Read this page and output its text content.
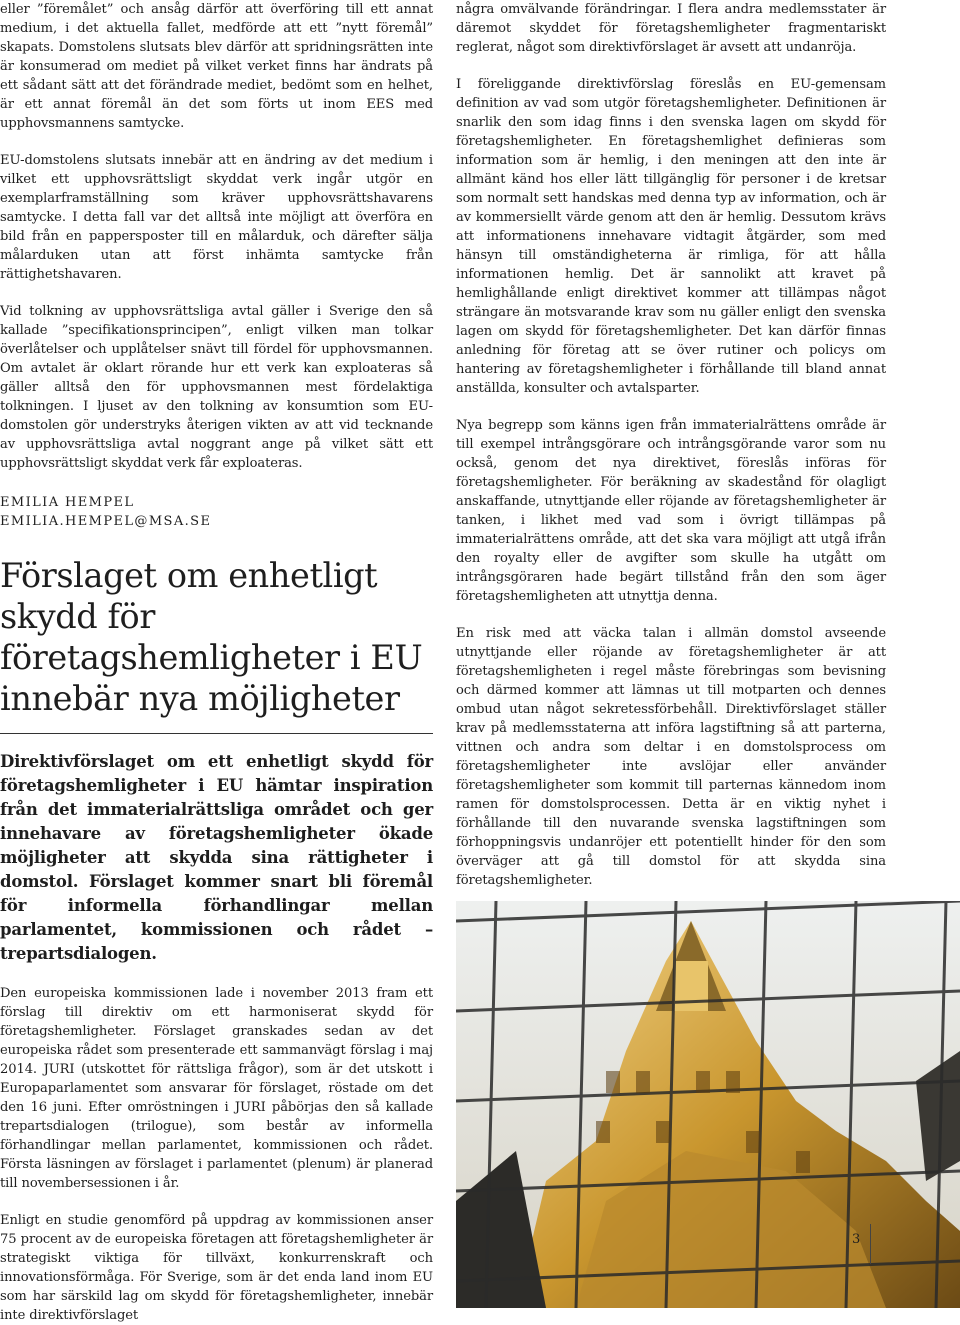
eller ”föremålet” och ansåg därför att överföring till ett annat medium, i det aktuella fallet, medförde att ett ”nytt föremål” skapats. Domstolens slutsats blev därför att spridningsrätten inte är konsumerad om mediet på vilket verket finns har ändrats på ett sådant sätt att det förändrade mediet, bedömt som en helhet, är ett annat föremål än det som förts ut inom EES med upphovsmannens samtycke.

EU-domstolens slutsats innebär att en ändring av det medium i vilket ett upphovsrättsligt skyddat verk ingår utgör en exemplarframställning som kräver upphovsrättshavarens samtycke. I detta fall var det alltså inte möjligt att överföra en bild från en pappersposter till en målarduk, och därefter sälja målarduken utan att först inhämta samtycke från rättighetshavaren.

Vid tolkning av upphovsrättsliga avtal gäller i Sverige den så kallade ”specifikationsprincipen”, enligt vilken man tolkar överlåtelser och upplåtelser snävt till fördel för upphovsmannen. Om avtalet är oklart rörande hur ett verk kan exploateras så gäller alltså den för upphovsmannen mest fördelaktiga tolkningen. I ljuset av den tolkning av konsumtion som EU-domstolen gör understryks återigen vikten av att vid tecknande av upphovsrättsliga avtal noggrant ange på vilket sätt ett upphovsrättsligt skyddat verk får exploateras.

EMILIA HEMPEL

EMILIA.HEMPEL@MSA.SE

Förslaget om enhetligt skydd för företagshemligheter i EU innebär nya möjligheter

Direktivförslaget om ett enhetligt skydd för företagshemligheter i EU hämtar inspiration från det immaterialrättsliga området och ger innehavare av företagshemligheter ökade möjligheter att skydda sina rättigheter i domstol. Förslaget kommer snart bli föremål för informella förhandlingar mellan parlamentet, kommissionen och rådet – trepartsdialogen.

Den europeiska kommissionen lade i november 2013 fram ett förslag till direktiv om ett harmoniserat skydd för företagshemligheter. Förslaget granskades sedan av det europeiska rådet som presenterade ett sammanvägt förslag i maj 2014. JURI (utskottet för rättsliga frågor), som är det utskott i Europaparlamentet som ansvarar för förslaget, röstade om det den 16 juni. Efter omröstningen i JURI påbörjas den så kallade trepartsdialogen (trilogue), som består av informella förhandlingar mellan parlamentet, kommissionen och rådet. Första läsningen av förslaget i parlamentet (plenum) är planerad till novembersessionen i år.

Enligt en studie genomförd på uppdrag av kommissionen anser 75 procent av de europeiska företagen att företagshemligheter är strategiskt viktiga för tillväxt, konkurrenskraft och innovationsförmåga. För Sverige, som är det enda land inom EU som har särskild lag om skydd för företagshemligheter, innebär inte direktivförslaget

några omvälvande förändringar. I flera andra medlemsstater är däremot skyddet för företagshemligheter fragmentariskt reglerat, något som direktivförslaget är avsett att undanröja.

I föreliggande direktivförslag föreslås en EU-gemensam definition av vad som utgör företagshemligheter. Definitionen är snarlik den som idag finns i den svenska lagen om skydd för företagshemligheter. En företagshemlighet definieras som information som är hemlig, i den meningen att den inte är allmänt känd hos eller lätt tillgänglig för personer i de kretsar som normalt sett handskas med denna typ av information, och är av kommersiellt värde genom att den är hemlig. Dessutom krävs att informationens innehavare vidtagit åtgärder, som med hänsyn till omständigheterna är rimliga, för att hålla informationen hemlig. Det är sannolikt att kravet på hemlighållande enligt direktivet kommer att tillämpas något strängare än motsvarande krav som nu gäller enligt den svenska lagen om skydd för företagshemligheter. Det kan därför finnas anledning för företag att se över rutiner och policys om hantering av företagshemligheter i förhållande till bland annat anställda, konsulter och avtalsparter.

Nya begrepp som känns igen från immaterialrättens område är till exempel intrångsgörare och intrångsgörande varor som nu också, genom det nya direktivet, föreslås införas för företagshemligheter. För beräkning av skadestånd för olagligt anskaffande, utnyttjande eller röjande av företagshemligheter är tanken, i likhet med vad som i övrigt tillämpas på immaterialrättens område, att det ska vara möjligt att utgå ifrån den royalty eller de avgifter som skulle ha utgått om intrångsgöraren hade begärt tillstånd från den som äger företagshemligheten att utnyttja denna.

En risk med att väcka talan i allmän domstol avseende utnyttjande eller röjande av företagshemligheter är att företagshemligheten i regel måste förebringas som bevisning och därmed kommer att lämnas ut till motparten och dennes ombud utan något sekretessförbehåll. Direktivförslaget ställer krav på medlemsstaterna att införa lagstiftning så att parterna, vittnen och andra som deltar i en domstolsprocess om företagshemligheter inte avslöjar eller använder företagshemligheter som kommit till parternas kännedom inom ramen för domstolsprocessen. Detta är en viktig nyhet i förhållande till den nuvarande svenska lagstiftningen som förhoppningsvis undanröjer ett potentiellt hinder för den som överväger att gå till domstol för att skydda sina företagshemligheter.

3
